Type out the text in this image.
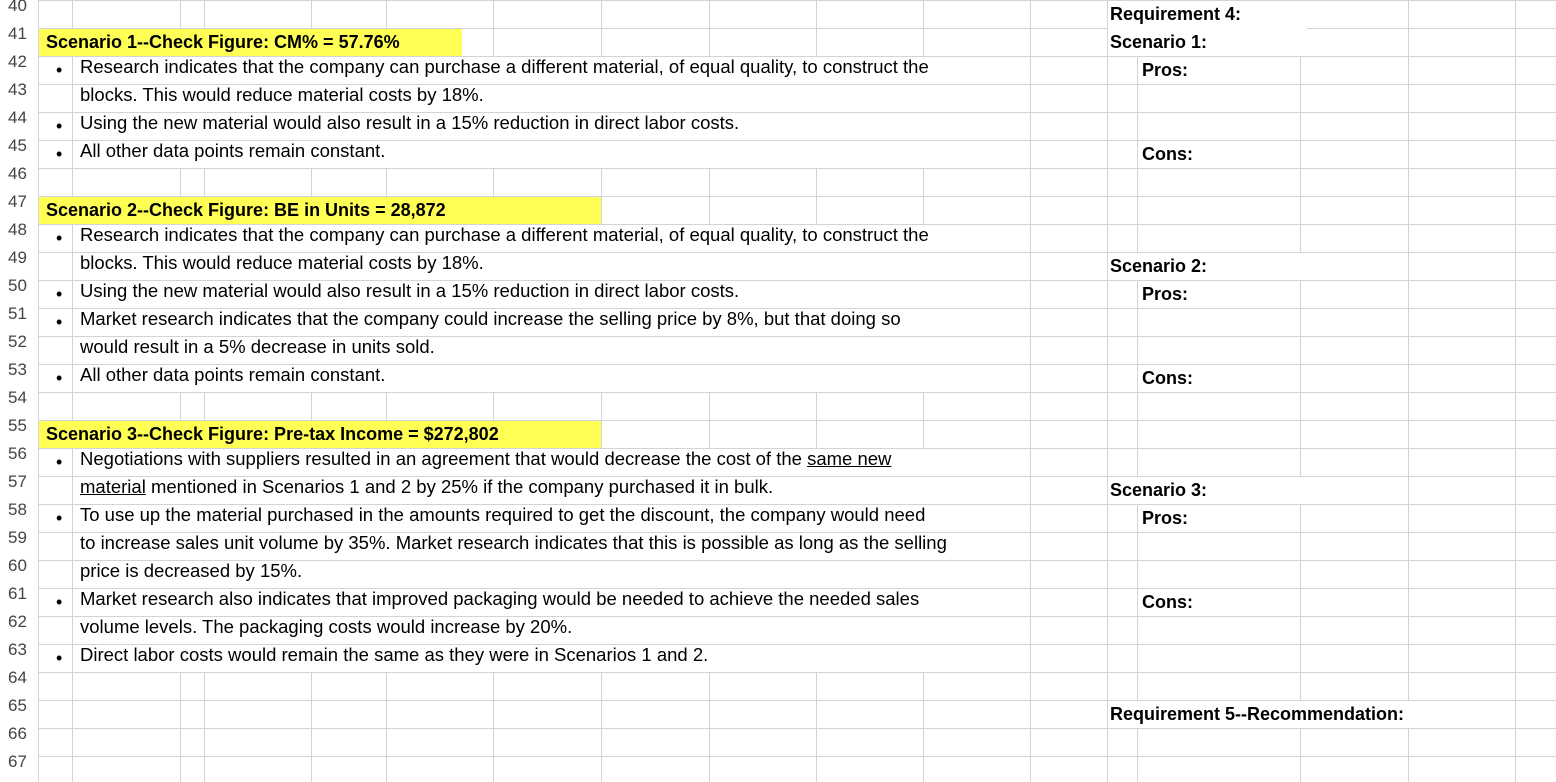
40
41
42
43
44
45
46
47
48
49
50
51
52
53
54
55
56
57
58
59
60
61
62
63
64
65
66
67
Scenario 1--Check Figure: CM% = 57.76%
• Research indicates that the company can purchase a different material, of equal quality, to construct the
blocks. This would reduce material costs by 18%.
• Using the new material would also result in a 15% reduction in direct labor costs.
• All other data points remain constant.
Scenario 2--Check Figure: BE in Units = 28,872
• Research indicates that the company can purchase a different material, of equal quality, to construct the
blocks. This would reduce material costs by 18%.
• Using the new material would also result in a 15% reduction in direct labor costs.
• Market research indicates that the company could increase the selling price by 8%, but that doing so
would result in a 5% decrease in units sold.
• All other data points remain constant.
Scenario 3--Check Figure: Pre-tax Income = $272,802
• Negotiations with suppliers resulted in an agreement that would decrease the cost of the same new
material mentioned in Scenarios 1 and 2 by 25% if the company purchased it in bulk.
• To use up the material purchased in the amounts required to get the discount, the company would need
to increase sales unit volume by 35%. Market research indicates that this is possible as long as the selling
price is decreased by 15%.
• Market research also indicates that improved packaging would be needed to achieve the needed sales
volume levels. The packaging costs would increase by 20%.
• Direct labor costs would remain the same as they were in Scenarios 1 and 2.
Requirement 4:
Scenario 1:
Pros:
Cons:
Scenario 2:
Pros:
Cons:
Scenario 3:
Pros:
Cons:
Requirement 5--Recommendation:
